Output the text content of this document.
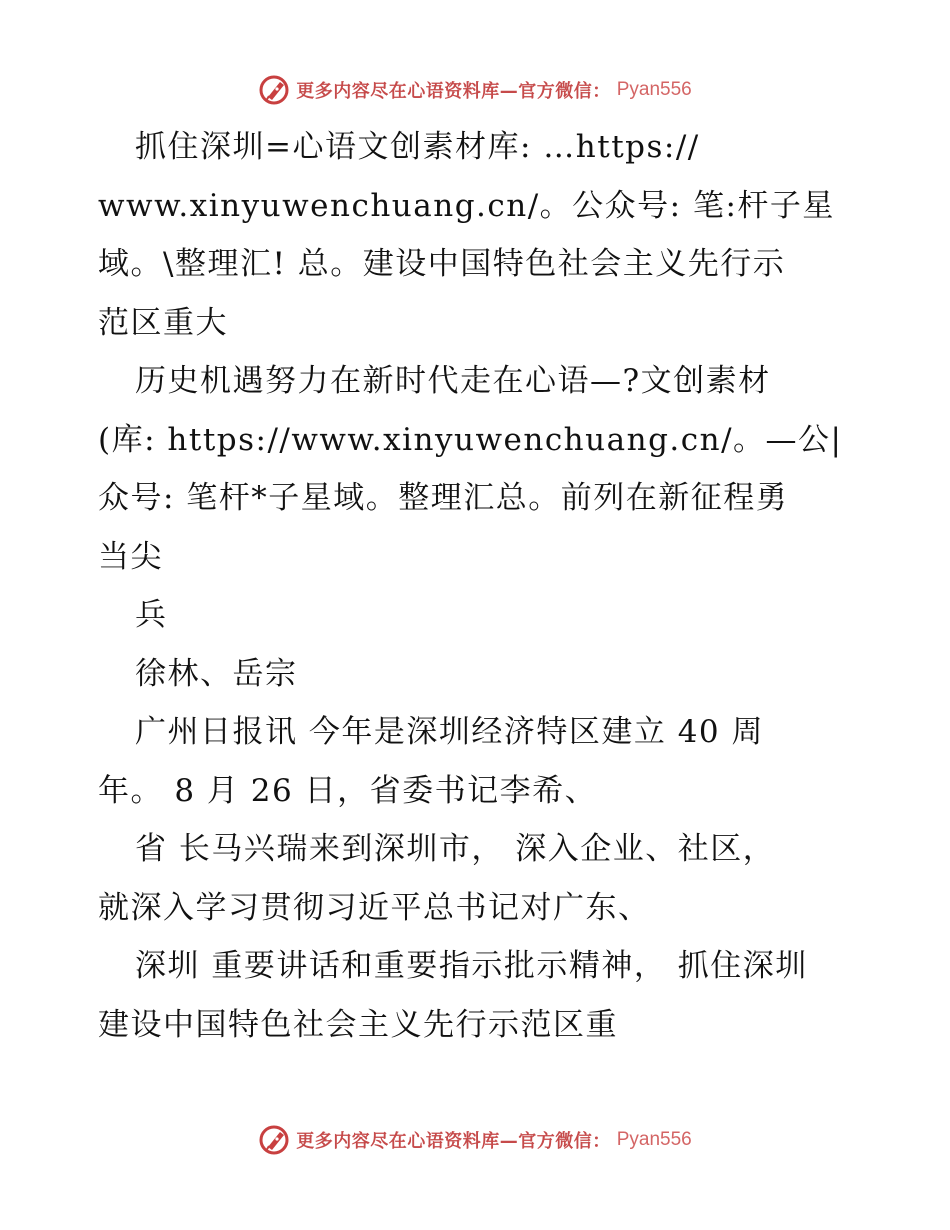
更多内容尽在心语资料库—官方微信： Pyan556
抓住深圳=心语文创素材库: …https://
www.xinyuwenchuang.cn/。公众号: 笔:杆子星
域。\整理汇! 总。建设中国特色社会主义先行示
范区重大
历史机遇努力在新时代走在心语—?文创素材
(库: https://www.xinyuwenchuang.cn/。—公|
众号: 笔杆*子星域。整理汇总。前列在新征程勇
当尖
兵
徐林、岳宗
广州日报讯 今年是深圳经济特区建立 40 周
年。 8 月 26 日，省委书记李希、
省 长马兴瑞来到深圳市， 深入企业、社区，
就深入学习贯彻习近平总书记对广东、
深圳 重要讲话和重要指示批示精神， 抓住深圳
建设中国特色社会主义先行示范区重
更多内容尽在心语资料库—官方微信： Pyan556
